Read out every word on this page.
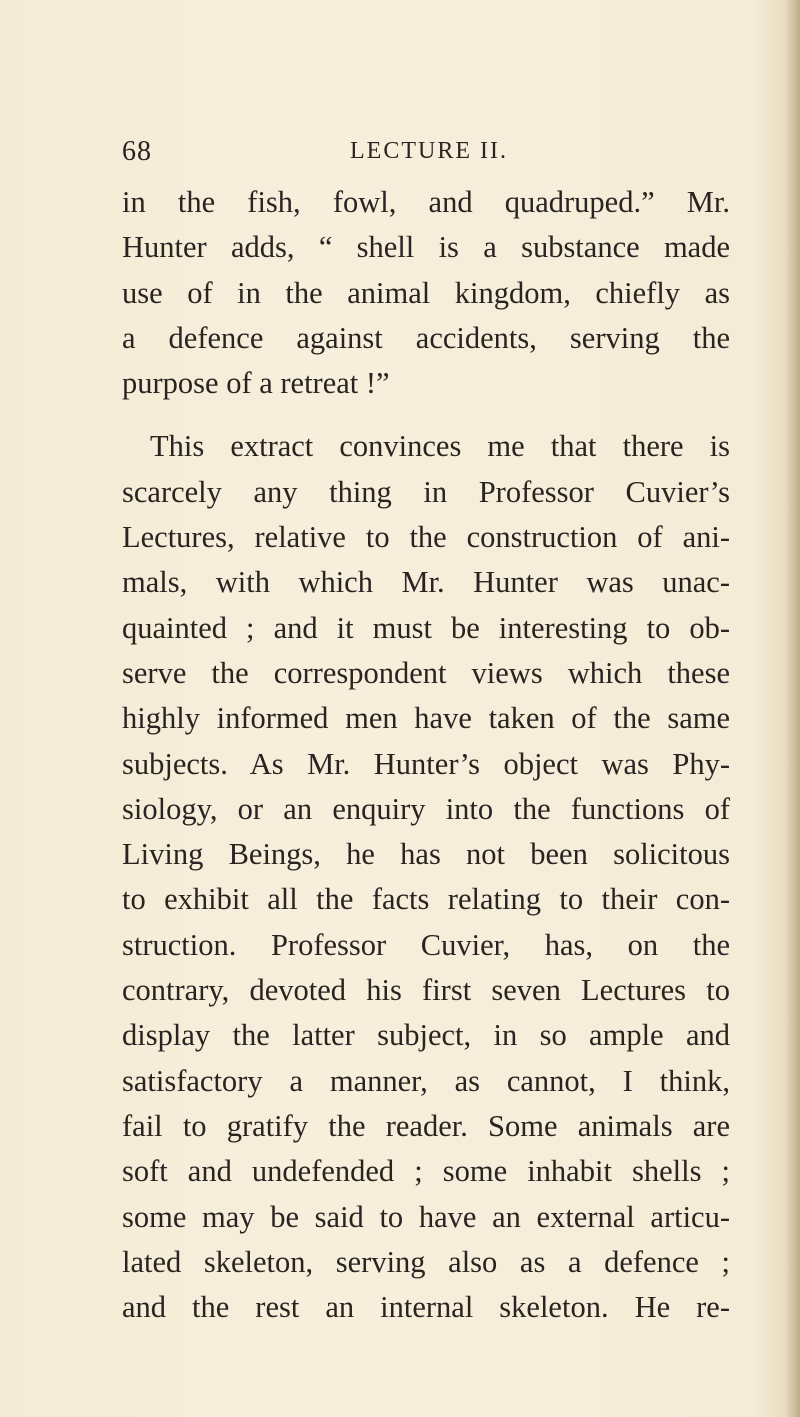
68	LECTURE II.
in the fish, fowl, and quadruped.” Mr.
Hunter adds, “ shell is a substance made
use of in the animal kingdom, chiefly as
a defence against accidents, serving the
purpose of a retreat !”
This extract convinces me that there is
scarcely any thing in Professor Cuvier’s
Lectures, relative to the construction of ani-
mals, with which Mr. Hunter was unac-
quainted ; and it must be interesting to ob-
serve the correspondent views which these
highly informed men have taken of the same
subjects. As Mr. Hunter’s object was Phy-
siology, or an enquiry into the functions of
Living Beings, he has not been solicitous
to exhibit all the facts relating to their con-
struction. Professor Cuvier, has, on the
contrary, devoted his first seven Lectures to
display the latter subject, in so ample and
satisfactory a manner, as cannot, I think,
fail to gratify the reader. Some animals are
soft and undefended ; some inhabit shells ;
some may be said to have an external articu-
lated skeleton, serving also as a defence ;
and the rest an internal skeleton. He re-
